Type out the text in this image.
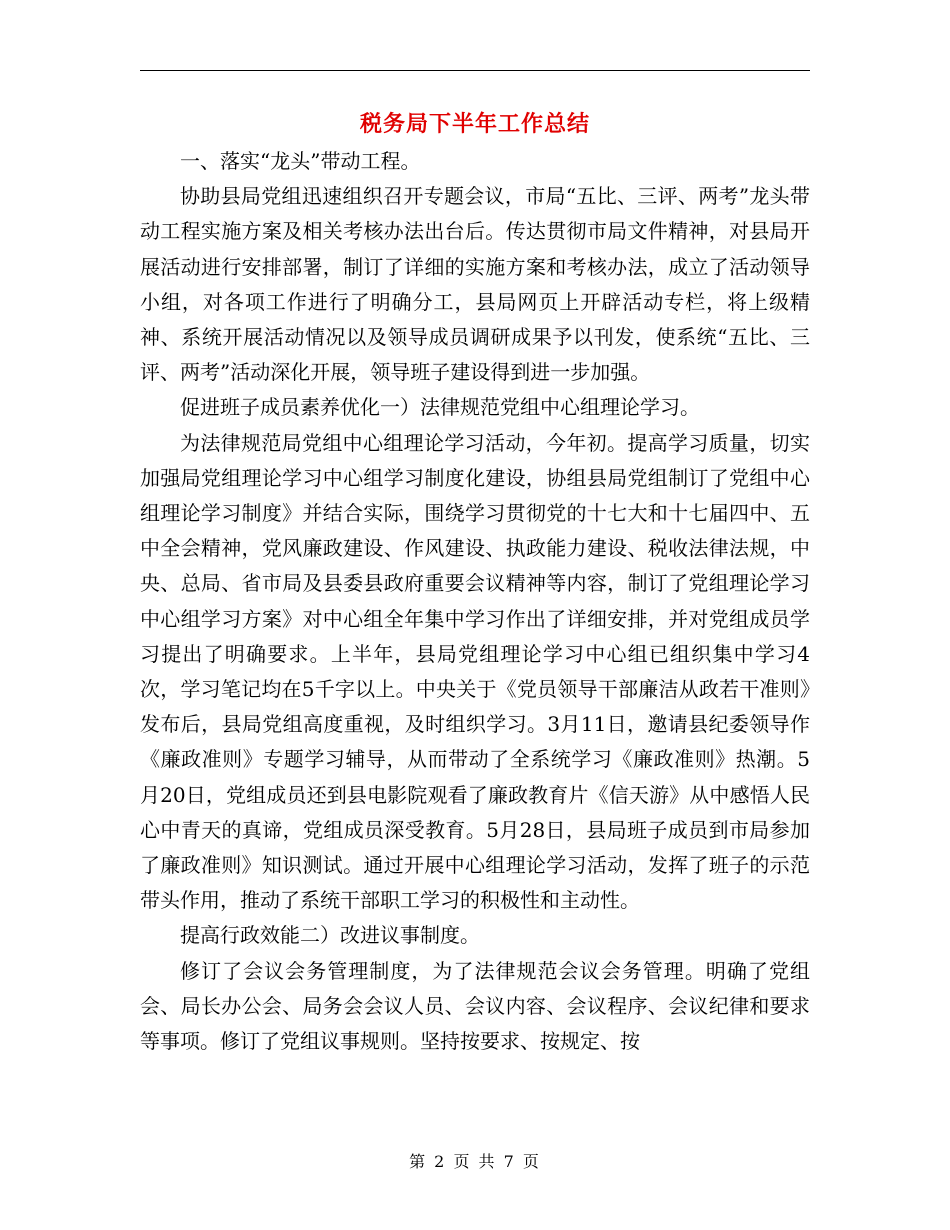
税务局下半年工作总结

一、落实“龙头”带动工程。

协助县局党组迅速组织召开专题会议，市局“五比、三评、两考”龙头带动工程实施方案及相关考核办法出台后。传达贯彻市局文件精神，对县局开展活动进行安排部署，制订了详细的实施方案和考核办法，成立了活动领导小组，对各项工作进行了明确分工，县局网页上开辟活动专栏，将上级精神、系统开展活动情况以及领导成员调研成果予以刊发，使系统“五比、三评、两考”活动深化开展，领导班子建设得到进一步加强。

促进班子成员素养优化一）法律规范党组中心组理论学习。

为法律规范局党组中心组理论学习活动，今年初。提高学习质量，切实加强局党组理论学习中心组学习制度化建设，协组县局党组制订了党组中心组理论学习制度》并结合实际，围绕学习贯彻党的十七大和十七届四中、五中全会精神，党风廉政建设、作风建设、执政能力建设、税收法律法规，中央、总局、省市局及县委县政府重要会议精神等内容，制订了党组理论学习中心组学习方案》对中心组全年集中学习作出了详细安排，并对党组成员学习提出了明确要求。上半年，县局党组理论学习中心组已组织集中学习4次，学习笔记均在5千字以上。中央关于《党员领导干部廉洁从政若干准则》发布后，县局党组高度重视，及时组织学习。3月11日，邀请县纪委领导作《廉政准则》专题学习辅导，从而带动了全系统学习《廉政准则》热潮。5月20日，党组成员还到县电影院观看了廉政教育片《信天游》从中感悟人民心中青天的真谛，党组成员深受教育。5月28日，县局班子成员到市局参加了廉政准则》知识测试。通过开展中心组理论学习活动，发挥了班子的示范带头作用，推动了系统干部职工学习的积极性和主动性。

提高行政效能二）改进议事制度。

修订了会议会务管理制度，为了法律规范会议会务管理。明确了党组会、局长办公会、局务会会议人员、会议内容、会议程序、会议纪律和要求等事项。修订了党组议事规则。坚持按要求、按规定、按

第 2 页 共 7 页
